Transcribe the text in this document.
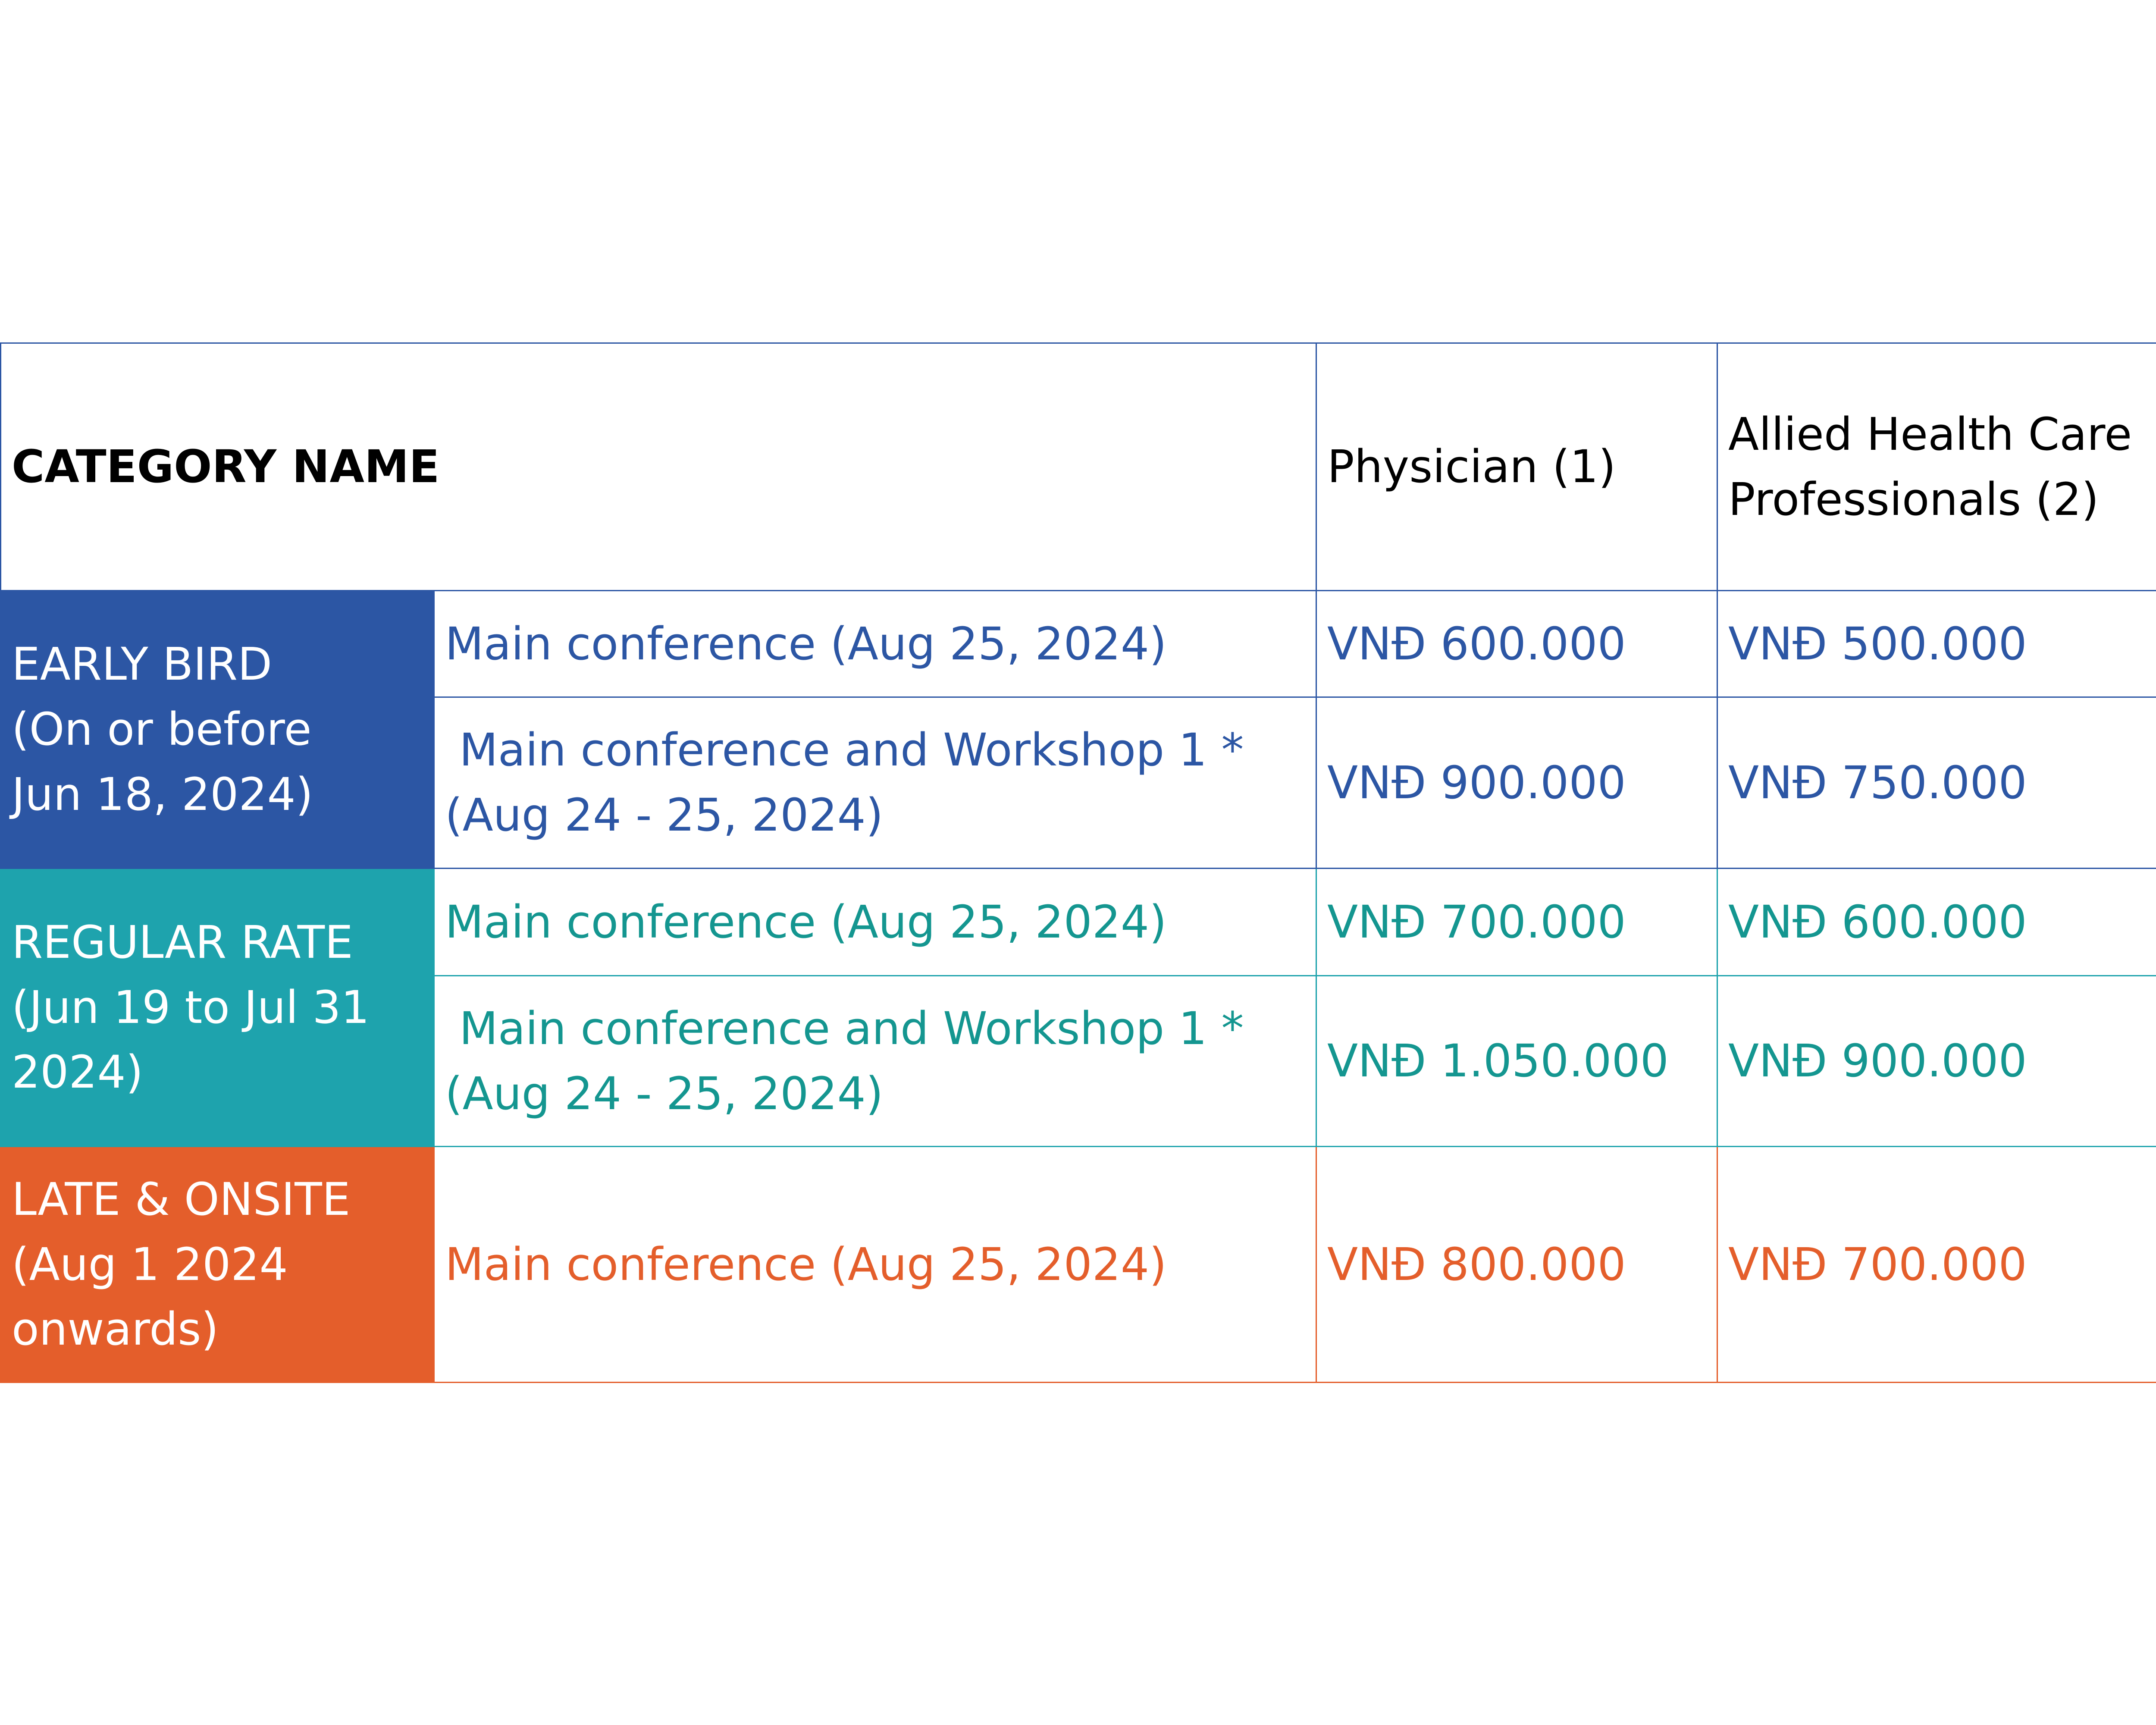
CATEGORY NAME		Physician (1)	Allied Health Care
Professionals (2)

EARLY BIRD
(On or before
Jun 18, 2024)	Main conference (Aug 25, 2024)	VNĐ 600.000	VNĐ 500.000

	Main conference and Workshop 1 *
(Aug 24 - 25, 2024)	VNĐ 900.000	VNĐ 750.000

REGULAR RATE
(Jun 19 to Jul 31
2024)	Main conference (Aug 25, 2024)	VNĐ 700.000	VNĐ 600.000

	Main conference and Workshop 1 *
(Aug 24 - 25, 2024)	VNĐ 1.050.000	VNĐ 900.000

LATE & ONSITE
(Aug 1 2024
onwards)	Main conference (Aug 25, 2024)	VNĐ 800.000	VNĐ 700.000
